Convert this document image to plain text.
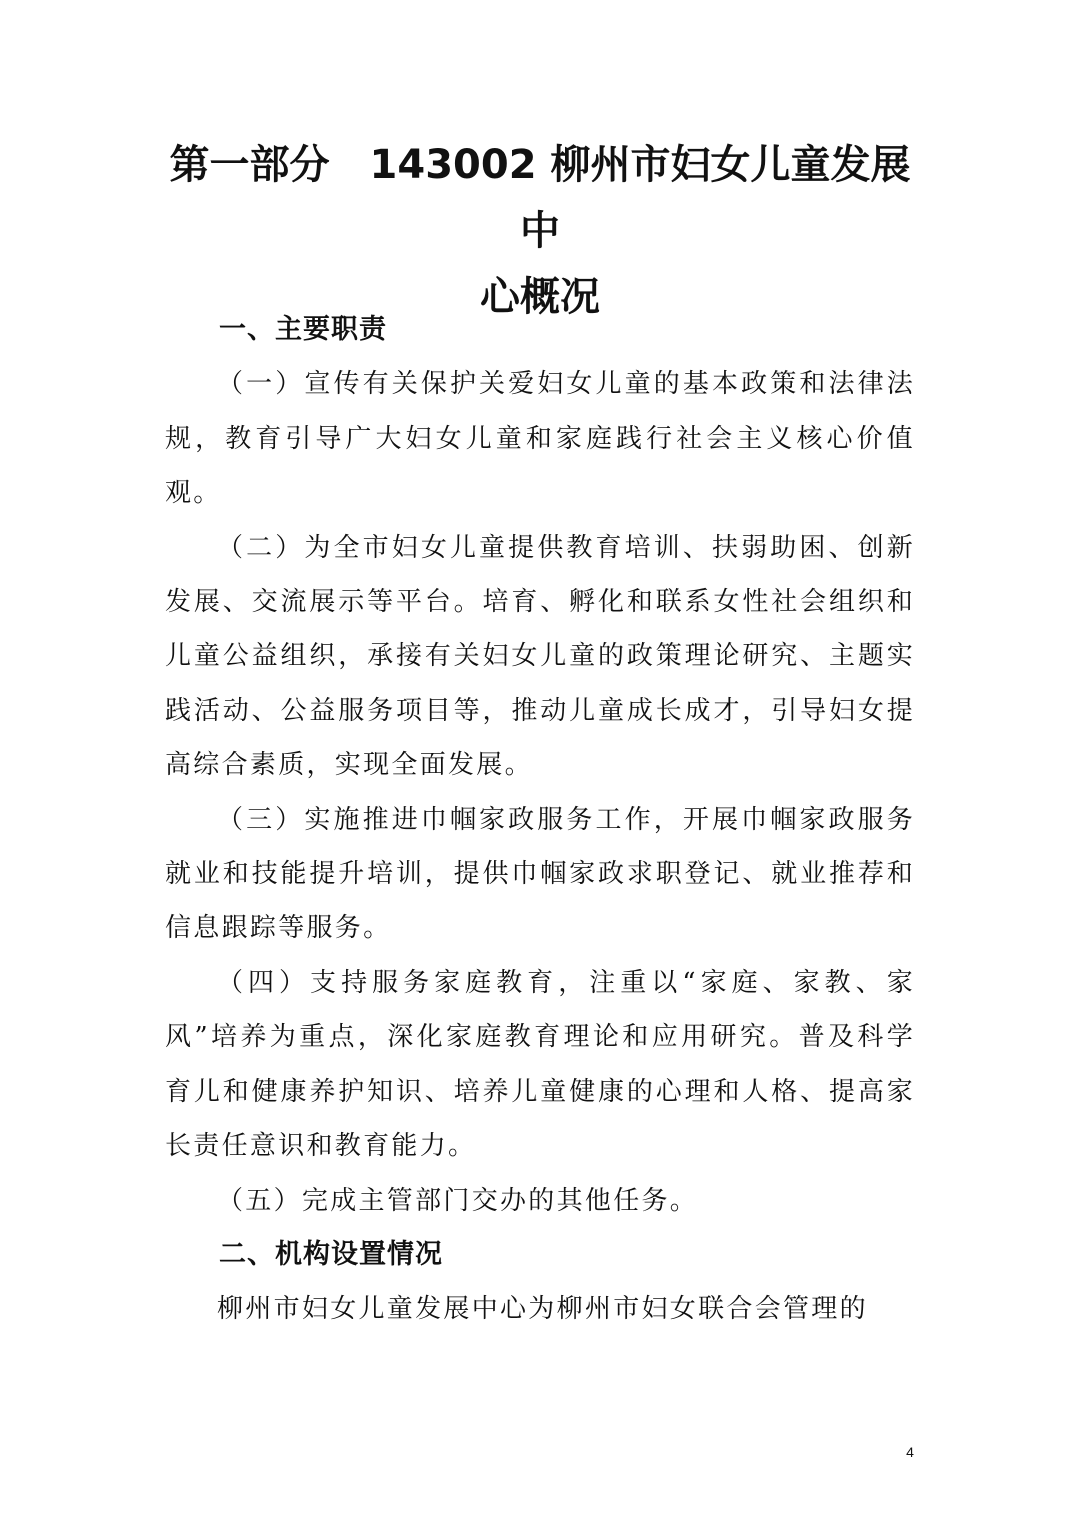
第一部分　143002 柳州市妇女儿童发展中
心概况
一、主要职责

（一）宣传有关保护关爱妇女儿童的基本政策和法律法规，教育引导广大妇女儿童和家庭践行社会主义核心价值观。

（二）为全市妇女儿童提供教育培训、扶弱助困、创新发展、交流展示等平台。培育、孵化和联系女性社会组织和儿童公益组织，承接有关妇女儿童的政策理论研究、主题实践活动、公益服务项目等，推动儿童成长成才，引导妇女提高综合素质，实现全面发展。

（三）实施推进巾帼家政服务工作，开展巾帼家政服务就业和技能提升培训，提供巾帼家政求职登记、就业推荐和信息跟踪等服务。

（四）支持服务家庭教育，注重以“家庭、家教、家风”培养为重点，深化家庭教育理论和应用研究。普及科学育儿和健康养护知识、培养儿童健康的心理和人格、提高家长责任意识和教育能力。

（五）完成主管部门交办的其他任务。

二、机构设置情况

柳州市妇女儿童发展中心为柳州市妇女联合会管理的

4
